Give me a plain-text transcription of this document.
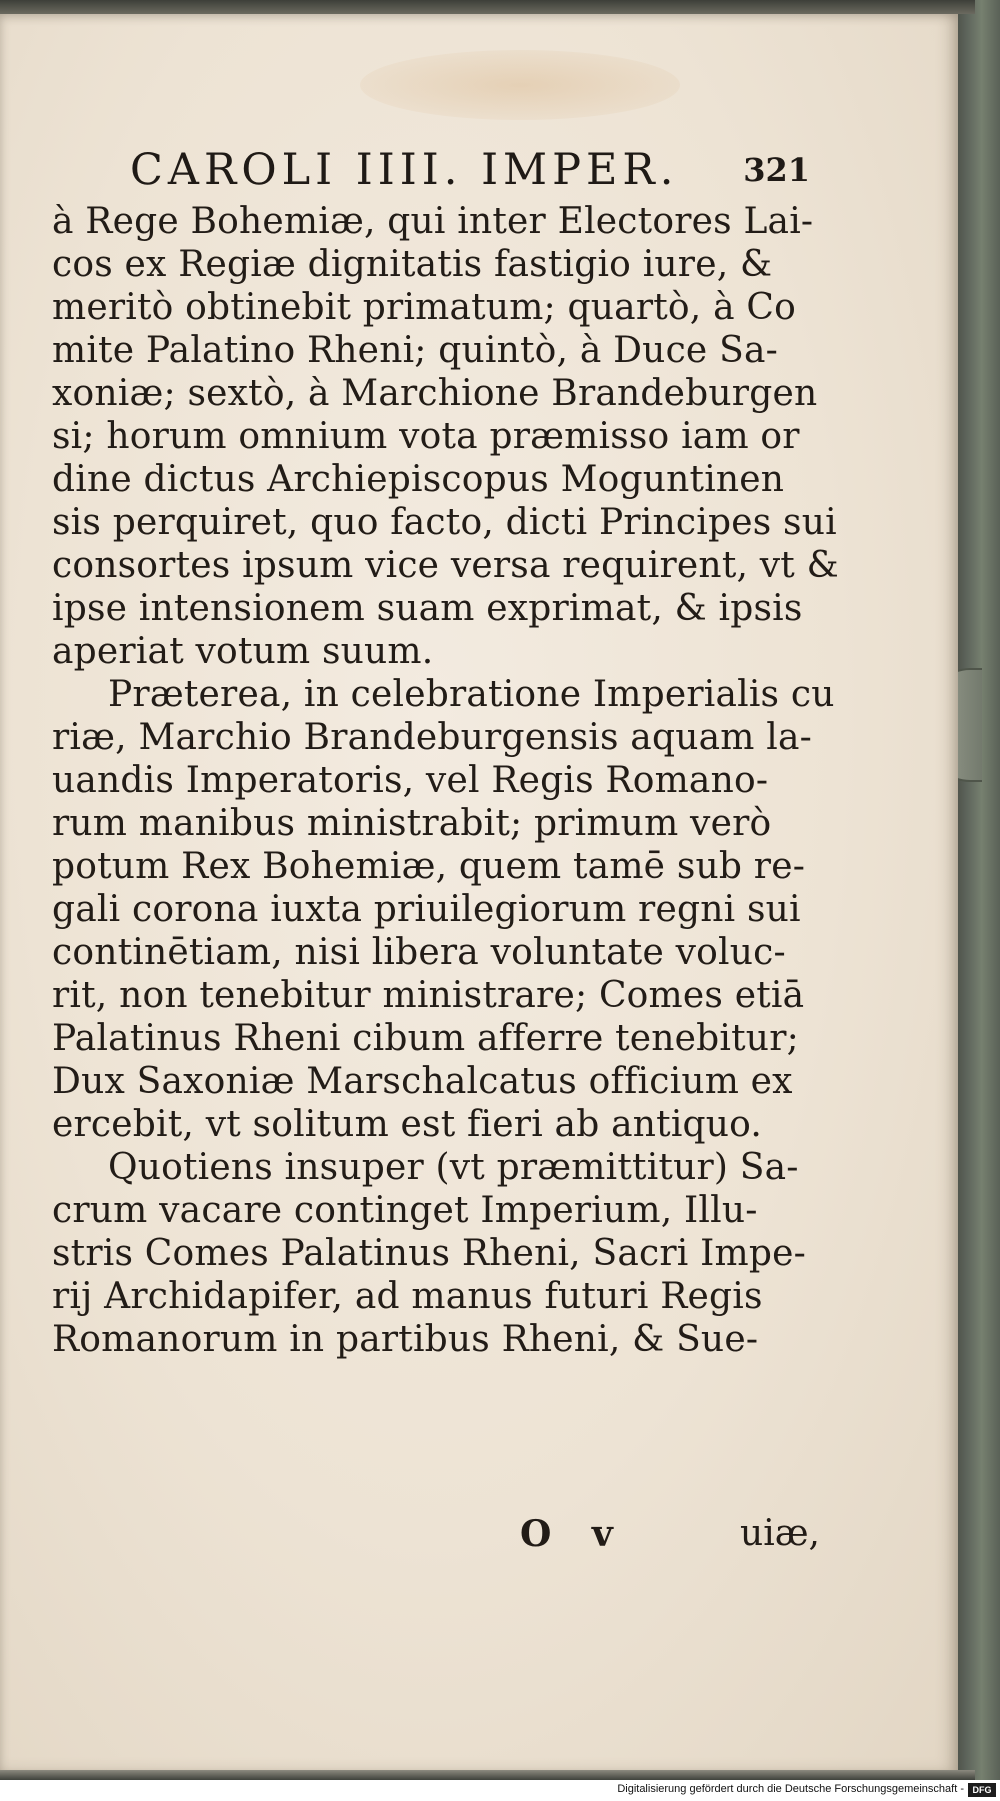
CAROLI IIII. IMPER. 321
à Rege Bohemiæ, qui inter Electores Lai-
cos ex Regiæ dignitatis fastigio iure, &
meritò obtinebit primatum; quartò, à Co
mite Palatino Rheni; quintò, à Duce Sa-
xoniæ; sextò, à Marchione Brandeburgen
si; horum omnium vota præmisso iam or
dine dictus Archiepiscopus Moguntinen
sis perquiret, quo facto, dicti Principes sui
consortes ipsum vice versa requirent, vt &
ipse intensionem suam exprimat, & ipsis
aperiat votum suum.
Præterea, in celebratione Imperialis cu
riæ, Marchio Brandeburgensis aquam la-
uandis Imperatoris, vel Regis Romano-
rum manibus ministrabit; primum verò
potum Rex Bohemiæ, quem tamē sub re-
gali corona iuxta priuilegiorum regni sui
continētiam, nisi libera voluntate voluc-
rit, non tenebitur ministrare; Comes etiā
Palatinus Rheni cibum afferre tenebitur;
Dux Saxoniæ Marschalcatus officium ex
ercebit, vt solitum est fieri ab antiquo.
Quotiens insuper (vt præmittitur) Sa-
crum vacare continget Imperium, Illu-
stris Comes Palatinus Rheni, Sacri Impe-
rij Archidapifer, ad manus futuri Regis
Romanorum in partibus Rheni, & Sue-
O v	uiæ,
Digitalisierung gefördert durch die Deutsche Forschungsgemeinschaft - DFG
